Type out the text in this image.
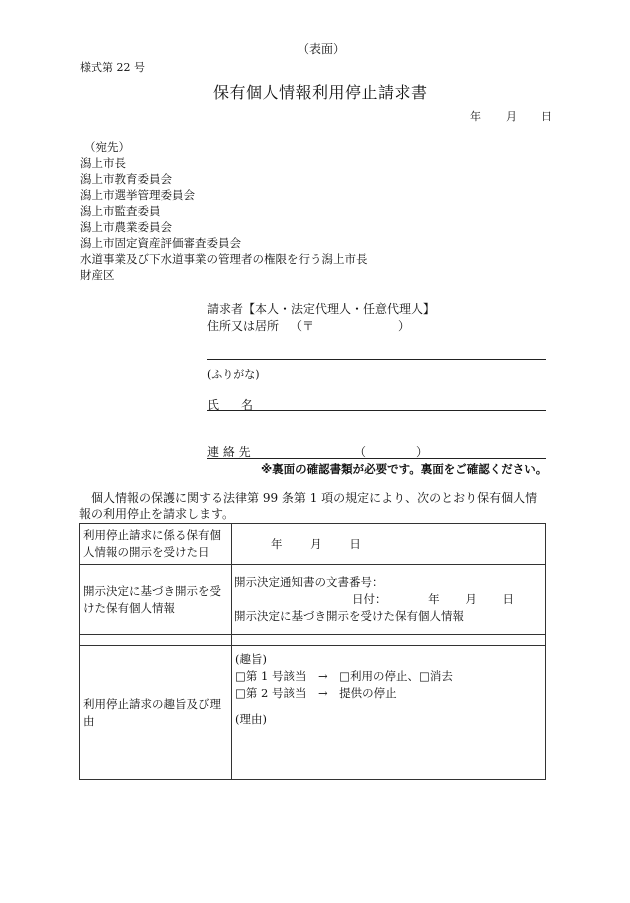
（表面）
様式第 22 号
保有個人情報利用停止請求書
年 月 日
（宛先）
潟上市長
潟上市教育委員会
潟上市選挙管理委員会
潟上市監査委員
潟上市農業委員会
潟上市固定資産評価審査委員会
水道事業及び下水道事業の管理者の権限を行う潟上市長
財産区
請求者【本人・法定代理人・任意代理人】
住所又は居所 （〒	）
(ふりがな)
氏 名
連 絡 先	（	）
※裏面の確認書類が必要です。裏面をご確認ください。
個人情報の保護に関する法律第 99 条第 1 項の規定により、次のとおり保有個人情報の利用停止を請求します。
利用停止請求に係る保有個人情報の開示を受けた日	年 月 日
開示決定に基づき開示を受けた保有個人情報	開示決定通知書の文書番号：
日付： 年 月 日
開示決定に基づき開示を受けた保有個人情報

利用停止請求の趣旨及び理由	(趣旨)
□第 1 号該当　→　□利用の停止、□消去
□第 2 号該当　→　提供の停止
(理由)
